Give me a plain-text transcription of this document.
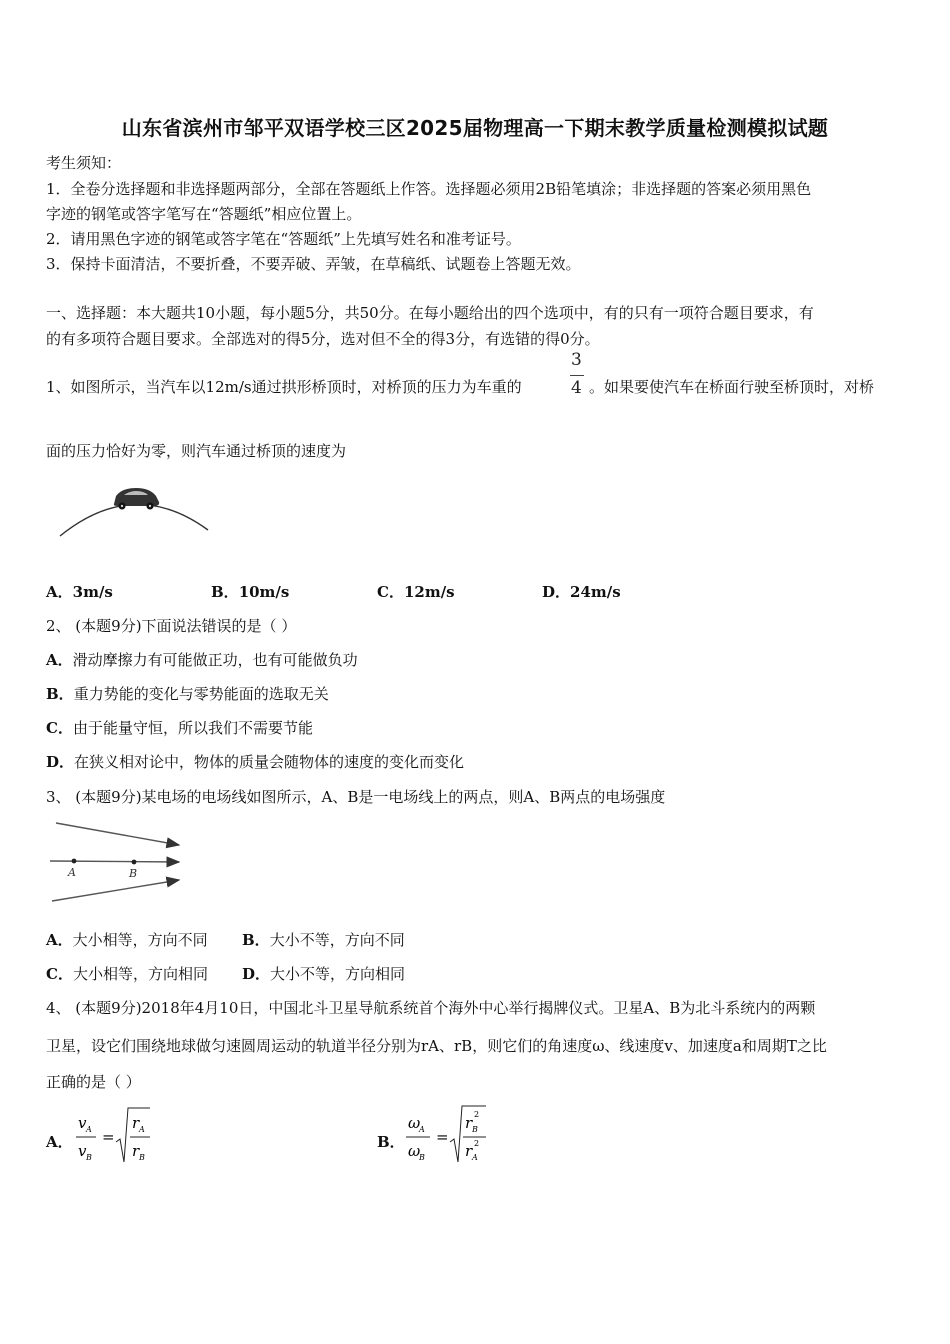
山东省滨州市邹平双语学校三区2025届物理高一下期末教学质量检测模拟试题
考生须知：
1．全卷分选择题和非选择题两部分，全部在答题纸上作答。选择题必须用2B铅笔填涂；非选择题的答案必须用黑色
字迹的钢笔或答字笔写在“答题纸”相应位置上。
2．请用黑色字迹的钢笔或答字笔在“答题纸”上先填写姓名和准考证号。
3．保持卡面清洁，不要折叠，不要弄破、弄皱，在草稿纸、试题卷上答题无效。
一、选择题：本大题共10小题，每小题5分，共50分。在每小题给出的四个选项中，有的只有一项符合题目要求，有
的有多项符合题目要求。全部选对的得5分，选对但不全的得3分，有选错的得0分。
1、如图所示，当汽车以12m/s通过拱形桥顶时，对桥顶的压力为车重的
3
4 。如果要使汽车在桥面行驶至桥顶时，对桥
面的压力恰好为零，则汽车通过桥顶的速度为
A．3m/s	B．10m/s	C．12m/s	D．24m/s
2、 (本题9分)下面说法错误的是（ ）
A．滑动摩擦力有可能做正功，也有可能做负功
B．重力势能的变化与零势能面的选取无关
C．由于能量守恒，所以我们不需要节能
D．在狭义相对论中，物体的质量会随物体的速度的变化而变化
3、 (本题9分)某电场的电场线如图所示，A、B是一电场线上的两点，则A、B两点的电场强度
A	B
A．大小相等，方向不同 B．大小不等，方向不同
C．大小相等，方向相同 D．大小不等，方向相同
4、 (本题9分)2018年4月10日，中国北斗卫星导航系统首个海外中心举行揭牌仪式。卫星A、B为北斗系统内的两颗
卫星，设它们围绕地球做匀速圆周运动的轨道半径分别为rA、rB，则它们的角速度ω、线速度v、加速度a和周期T之比
正确的是（ ）
A．
v A
v B
=
r A
r B
B．
ω
A
ω
B
=
r B
2
r A
2
